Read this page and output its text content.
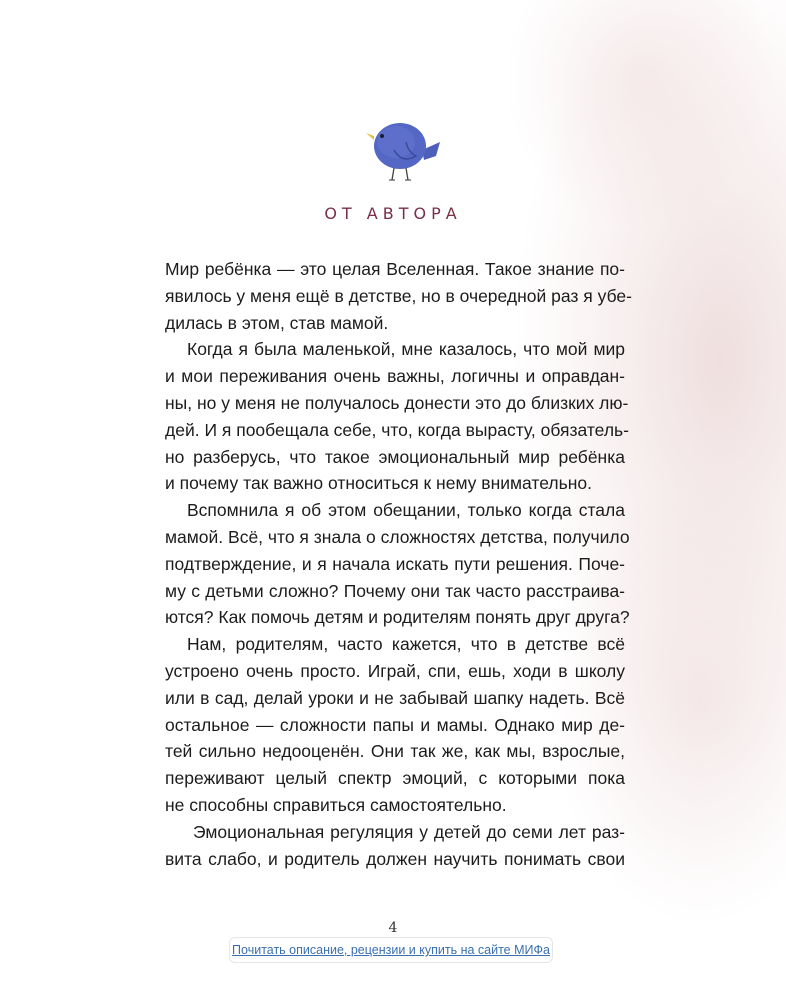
ОТ АВТОРА
Мир ребёнка — это целая Вселенная. Такое знание по-
явилось у меня ещё в детстве, но в очередной раз я убе-
дилась в этом, став мамой.
Когда я была маленькой, мне казалось, что мой мир
и мои переживания очень важны, логичны и оправдан-
ны, но у меня не получалось донести это до близких лю-
дей. И я пообещала себе, что, когда вырасту, обязатель-
но разберусь, что такое эмоциональный мир ребёнка
и почему так важно относиться к нему внимательно.
Вспомнила я об этом обещании, только когда стала
мамой. Всё, что я знала о сложностях детства, получило
подтверждение, и я начала искать пути решения. Поче-
му с детьми сложно? Почему они так часто расстраива-
ются? Как помочь детям и родителям понять друг друга?
Нам, родителям, часто кажется, что в детстве всё
устроено очень просто. Играй, спи, ешь, ходи в школу
или в сад, делай уроки и не забывай шапку надеть. Всё
остальное — сложности папы и мамы. Однако мир де-
тей сильно недооценён. Они так же, как мы, взрослые,
переживают целый спектр эмоций, с которыми пока
не способны справиться самостоятельно.
Эмоциональная регуляция у детей до семи лет раз-
вита слабо, и родитель должен научить понимать свои
4
Почитать описание, рецензии и купить на сайте МИФа
